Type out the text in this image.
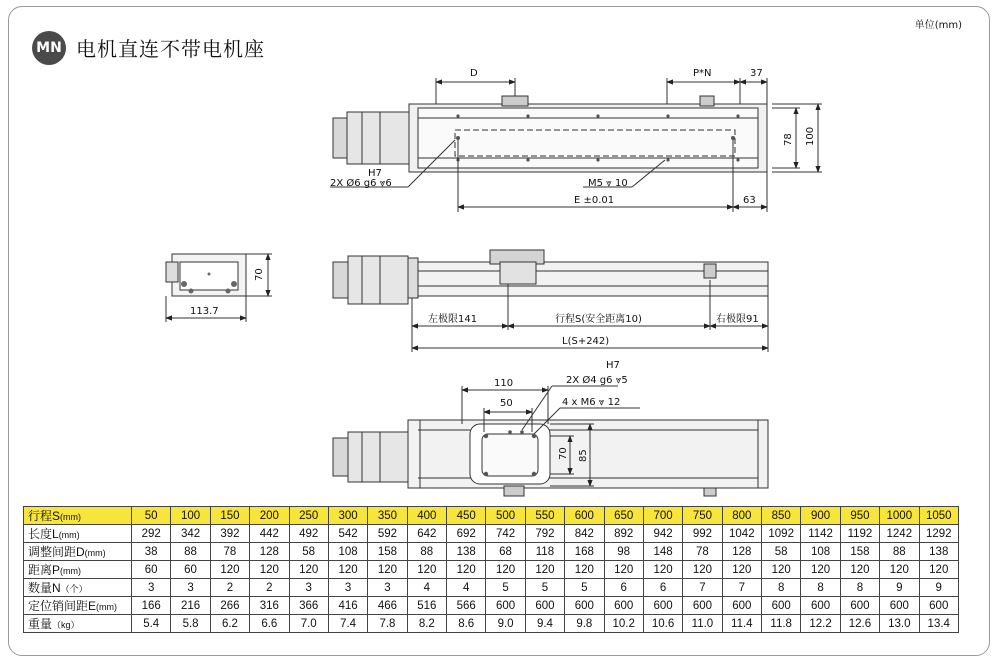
MN 电机直连不带电机座
单位(mm)
D	P*N	37
78 100
H7
2X Ø6 g6 ⩔6	M5 ⩔ 10
E ±0.01	63
70
113.7
左极限141	行程S(安全距离10)	右极限91
L(S+242)
110
H7
2X Ø4 g6 ⩔5
50	4 x M6 ⩔ 12
70 85
行程S(mm)	50	100	150	200	250	300	350	400	450	500	550	600	650	700	750	800	850	900	950	1000	1050
长度L(mm)	292	342	392	442	492	542	592	642	692	742	792	842	892	942	992	1042	1092	1142	1192	1242	1292
调整间距D(mm)	38	88	78	128	58	108	158	88	138	68	118	168	98	148	78	128	58	108	158	88	138
距离P(mm)	60	60	120	120	120	120	120	120	120	120	120	120	120	120	120	120	120	120	120	120	120
数量N（个）	3	3	2	2	3	3	3	4	4	5	5	5	6	6	7	7	8	8	8	9	9
定位销间距E(mm)	166	216	266	316	366	416	466	516	566	600	600	600	600	600	600	600	600	600	600	600	600
重量（kg）	5.4	5.8	6.2	6.6	7.0	7.4	7.8	8.2	8.6	9.0	9.4	9.8	10.2	10.6	11.0	11.4	11.8	12.2	12.6	13.0	13.4
